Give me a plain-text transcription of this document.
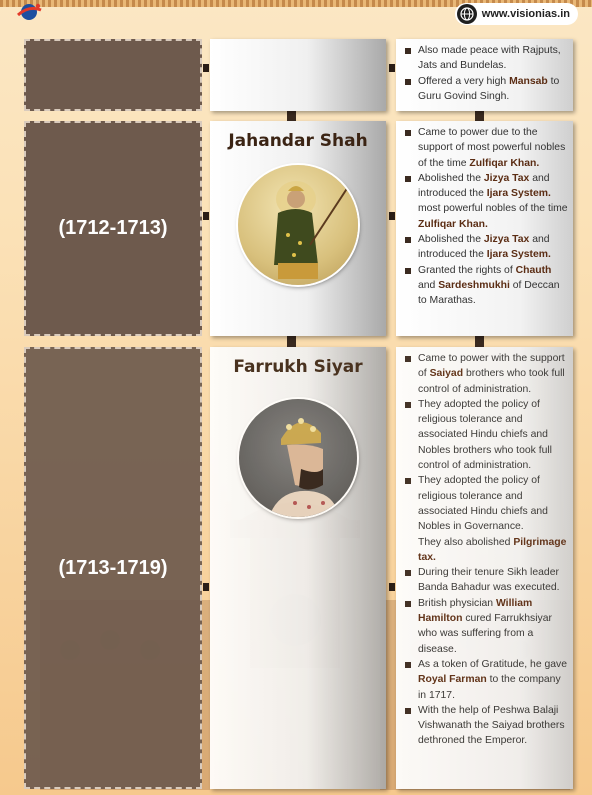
www.visionias.in
Also made peace with Rajputs, Jats and Bundelas.
Offered a very high Mansab to Guru Govind Singh.
(1712-1713)
Jahandar Shah	Came to power due to the support of most powerful nobles of the time Zulfiqar Khan.
Abolished the Jizya Tax and introduced the Ijara System. most powerful nobles of the time Zulfiqar Khan.
Abolished the Jizya Tax and introduced the Ijara System.
Granted the rights of Chauth and Sardeshmukhi of Deccan to Marathas.
(1713-1719)
Farrukh Siyar	Came to power with the support of Saiyad brothers who took full control of administration.
They adopted the policy of religious tolerance and associated Hindu chiefs and Nobles brothers who took full control of administration.
They adopted the policy of religious tolerance and associated Hindu chiefs and Nobles in Governance.
They also abolished Pilgrimage tax.
During their tenure Sikh leader Banda Bahadur was executed.
British physician William Hamilton cured Farrukhsiyar who was suffering from a disease.
As a token of Gratitude, he gave Royal Farman to the company in 1717.
With the help of Peshwa Balaji Vishwanath the Saiyad brothers dethroned the Emperor.
